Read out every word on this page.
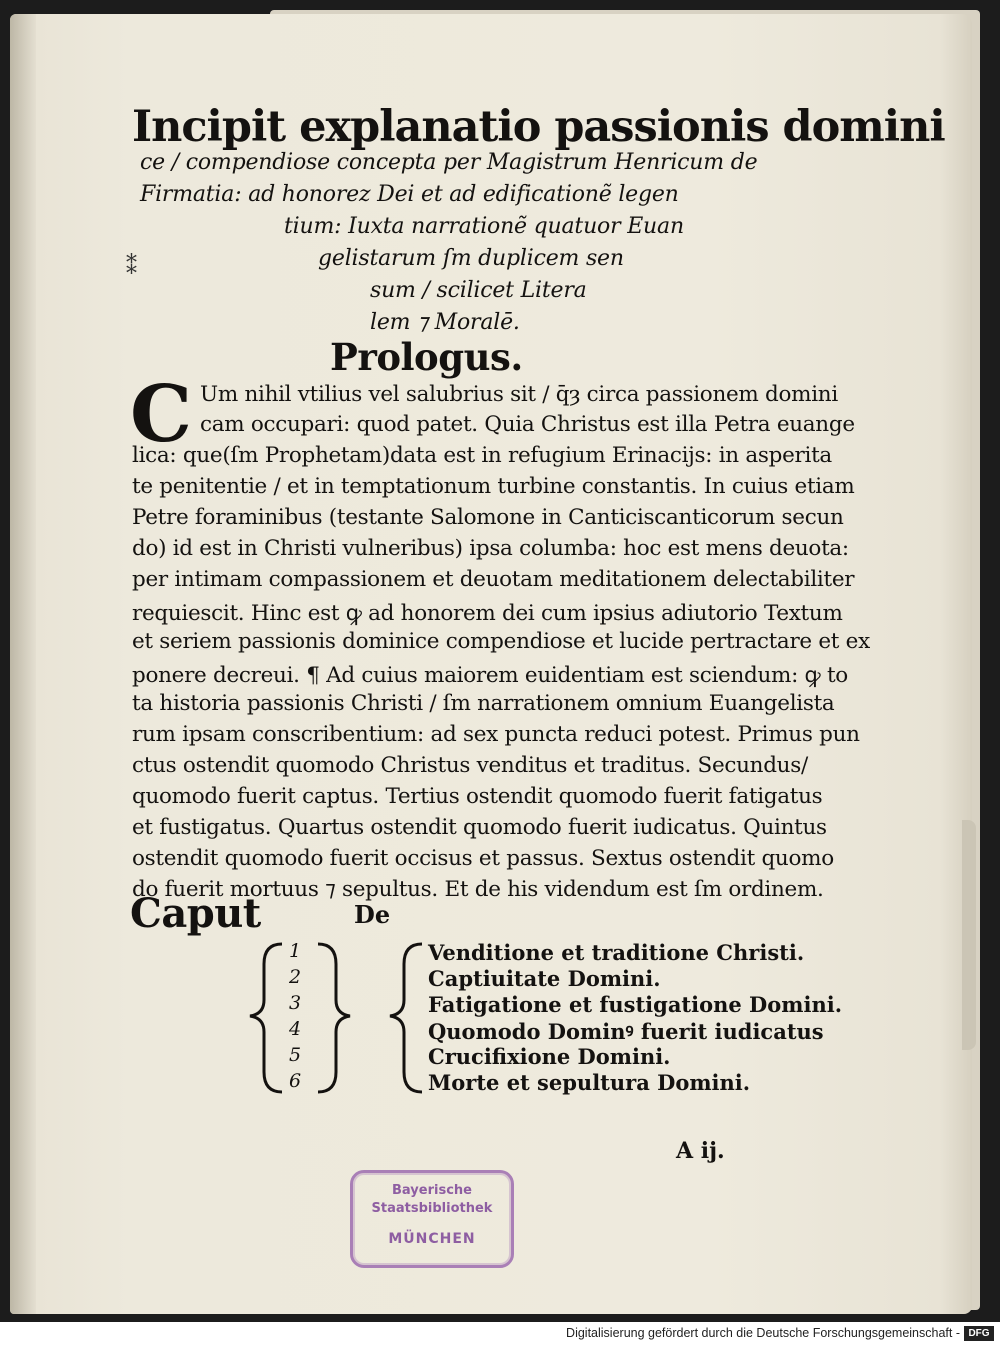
Incipit explanatio passionis domini
ce / compendiose concepta per Magistrum Henricum de
Firmatia: ad honorez Dei et ad edificationẽ legen
tium: Iuxta narrationẽ quatuor Euan
gelistarum ſm duplicem sen
sum / scilicet Litera
lem ⁊ Moralē.
⁑
Prologus.
C Um nihil vtilius vel salubrius sit / q̄ȝ circa passionem domini
cam occupari: quod patet. Quia Christus est illa Petra euange
lica: que(ſm Prophetam)data est in refugium Erinacijs: in asperita
te penitentie / et in temptationum turbine constantis. In cuius etiam
Petre foraminibus (testante Salomone in Canticiscanticorum secun
do) id est in Christi vulneribus) ipsa columba: hoc est mens deuota:
per intimam compassionem et deuotam meditationem delectabiliter
requiescit. Hinc est ꝙ ad honorem dei cum ipsius adiutorio Textum
et seriem passionis dominice compendiose et lucide pertractare et ex
ponere decreui. ¶ Ad cuius maiorem euidentiam est sciendum: ꝙ to
ta historia passionis Christi / ſm narrationem omnium Euangelista
rum ipsam conscribentium: ad sex puncta reduci potest. Primus pun
ctus ostendit quomodo Christus venditus et traditus. Secundus/
quomodo fuerit captus. Tertius ostendit quomodo fuerit fatigatus
et fustigatus. Quartus ostendit quomodo fuerit iudicatus. Quintus
ostendit quomodo fuerit occisus et passus. Sextus ostendit quomo
do fuerit mortuus ⁊ sepultus. Et de his videndum est ſm ordinem.
Caput	De
1
2
3
4
5
6
Venditione et traditione Christi.
Captiuitate Domini.
Fatigatione et fustigatione Domini.
Quomodo Dominꝰ fuerit iudicatus
Crucifixione Domini.
Morte et sepultura Domini.
A ij.
Bayerische
Staatsbibliothek
MÜNCHEN
Digitalisierung gefördert durch die Deutsche Forschungsgemeinschaft - DFG
